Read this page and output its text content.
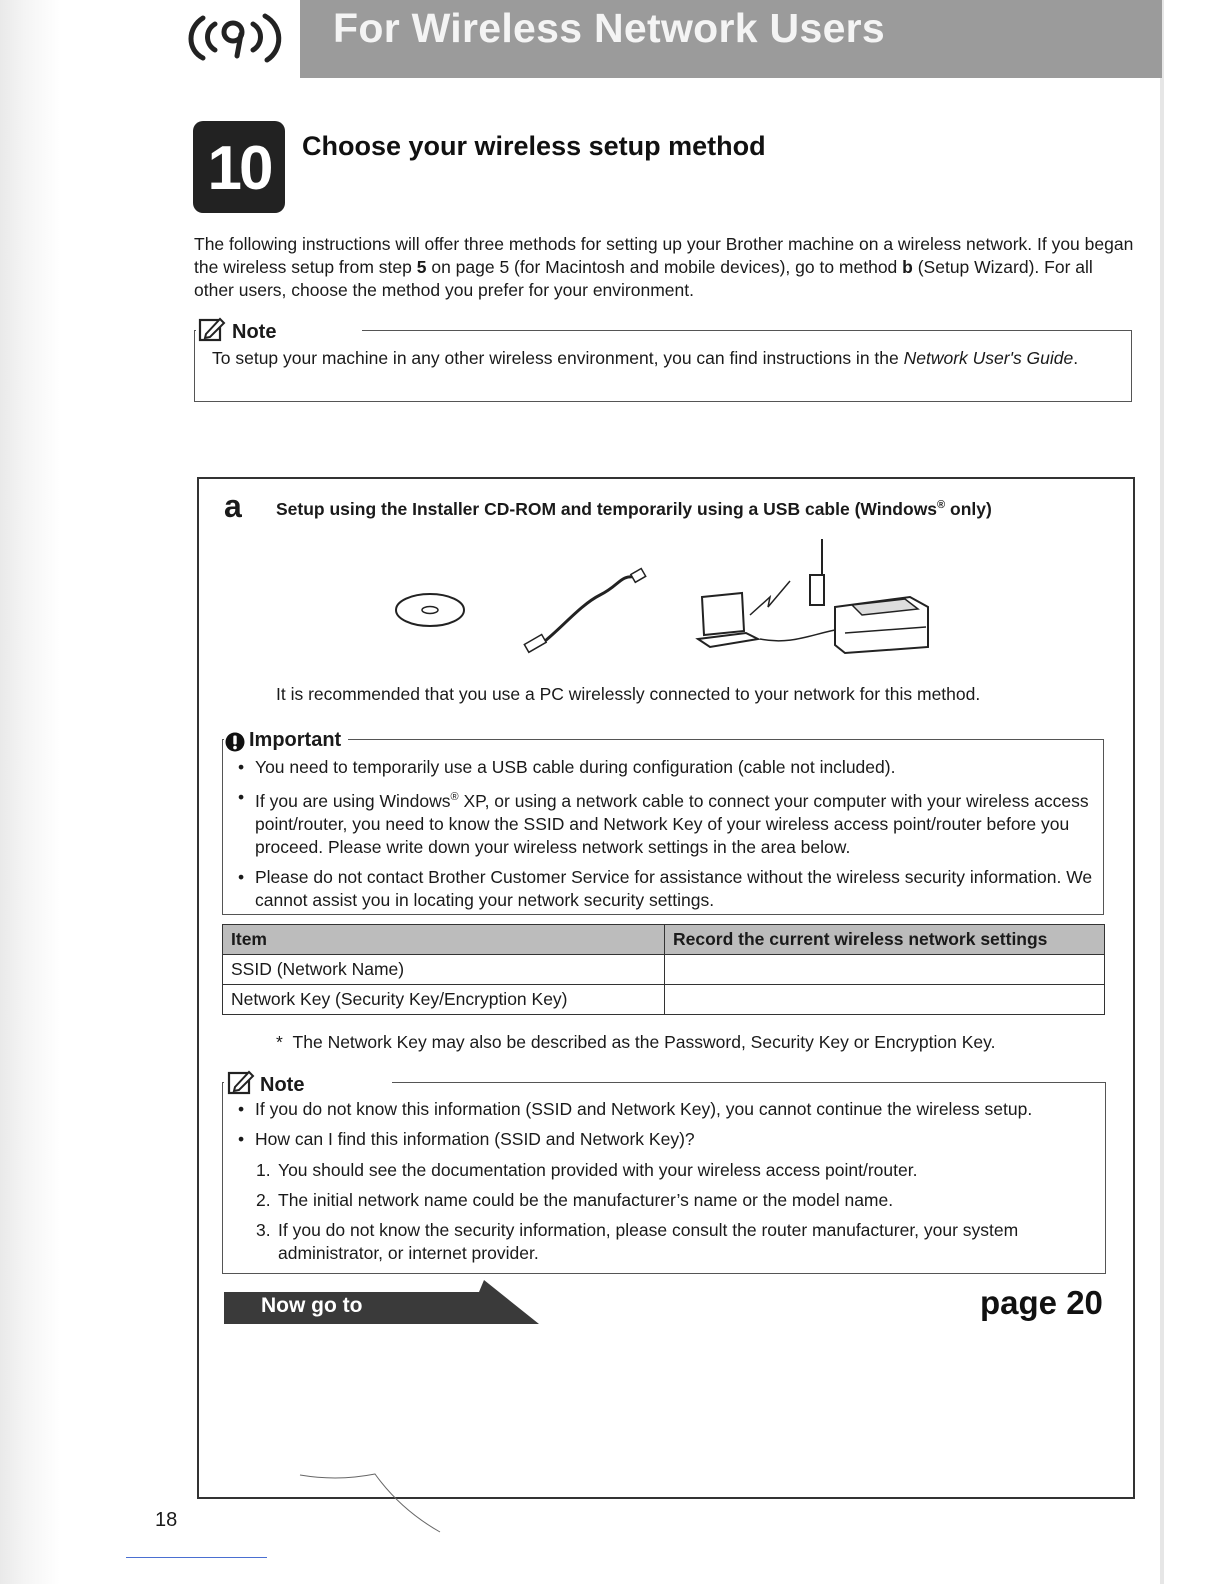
For Wireless Network Users
10	Choose your wireless setup method
The following instructions will offer three methods for setting up your Brother machine on a wireless network. If you began the wireless setup from step 5 on page 5 (for Macintosh and mobile devices), go to method b (Setup Wizard). For all other users, choose the method you prefer for your environment.
Note
To setup your machine in any other wireless environment, you can find instructions in the Network User's Guide.
a Setup using the Installer CD-ROM and temporarily using a USB cable (Windows® only)
It is recommended that you use a PC wirelessly connected to your network for this method.
Important
• You need to temporarily use a USB cable during configuration (cable not included).
• If you are using Windows® XP, or using a network cable to connect your computer with your wireless access point/router, you need to know the SSID and Network Key of your wireless access point/router before you proceed. Please write down your wireless network settings in the area below.
• Please do not contact Brother Customer Service for assistance without the wireless security information. We cannot assist you in locating your network security settings.
Item	Record the current wireless network settings
SSID (Network Name)	
Network Key (Security Key/Encryption Key)	
* The Network Key may also be described as the Password, Security Key or Encryption Key.
Note
• If you do not know this information (SSID and Network Key), you cannot continue the wireless setup.
• How can I find this information (SSID and Network Key)?
1. You should see the documentation provided with your wireless access point/router.
2. The initial network name could be the manufacturer’s name or the model name.
3. If you do not know the security information, please consult the router manufacturer, your system administrator, or internet provider.
Now go to	page 20
18
